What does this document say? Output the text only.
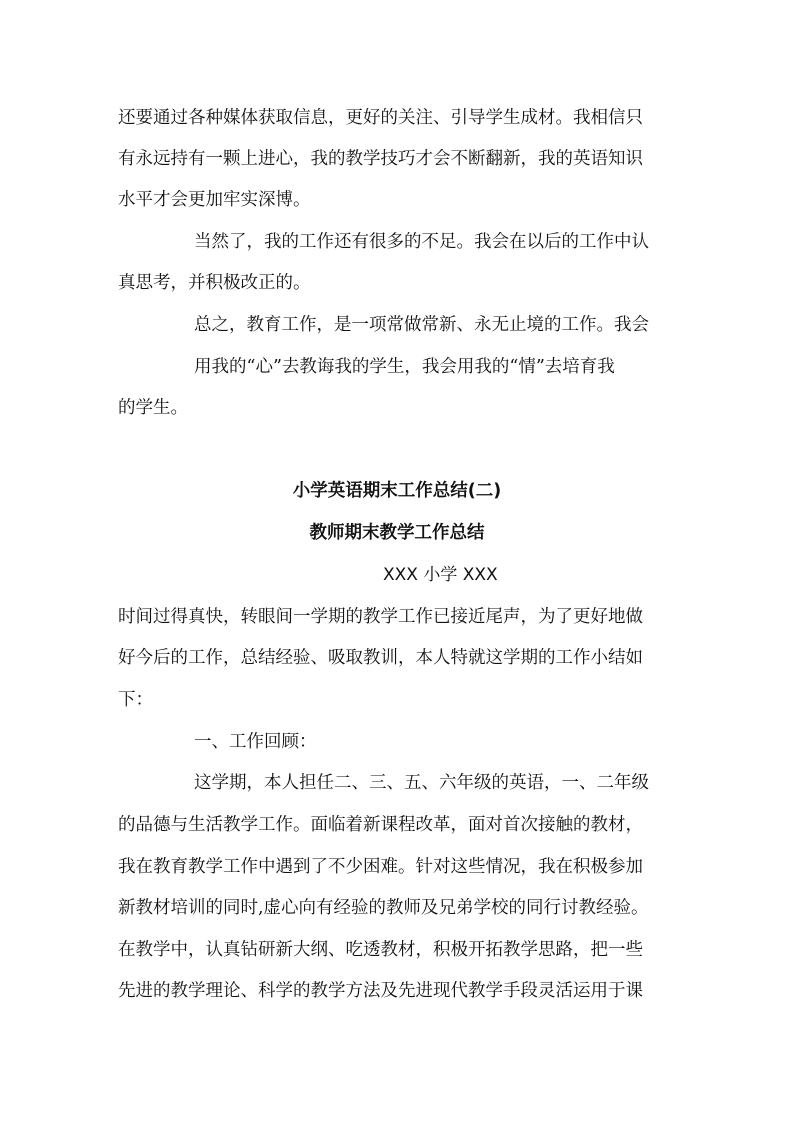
还要通过各种媒体获取信息，更好的关注、引导学生成材。我相信只
有永远持有一颗上进心，我的教学技巧才会不断翻新，我的英语知识
水平才会更加牢实深博。
当然了，我的工作还有很多的不足。我会在以后的工作中认
真思考，并积极改正的。
总之，教育工作，是一项常做常新、永无止境的工作。我会
用我的“心”去教诲我的学生，我会用我的“情”去培育我
的学生。
小学英语期末工作总结(二)
教师期末教学工作总结
XXX 小学 XXX
时间过得真快，转眼间一学期的教学工作已接近尾声，为了更好地做
好今后的工作，总结经验、吸取教训，本人特就这学期的工作小结如
下：
一、工作回顾：
这学期，本人担任二、三、五、六年级的英语，一、二年级
的品德与生活教学工作。面临着新课程改革，面对首次接触的教材，
我在教育教学工作中遇到了不少困难。针对这些情况，我在积极参加
新教材培训的同时,虚心向有经验的教师及兄弟学校的同行讨教经验。
在教学中，认真钻研新大纲、吃透教材，积极开拓教学思路，把一些
先进的教学理论、科学的教学方法及先进现代教学手段灵活运用于课
